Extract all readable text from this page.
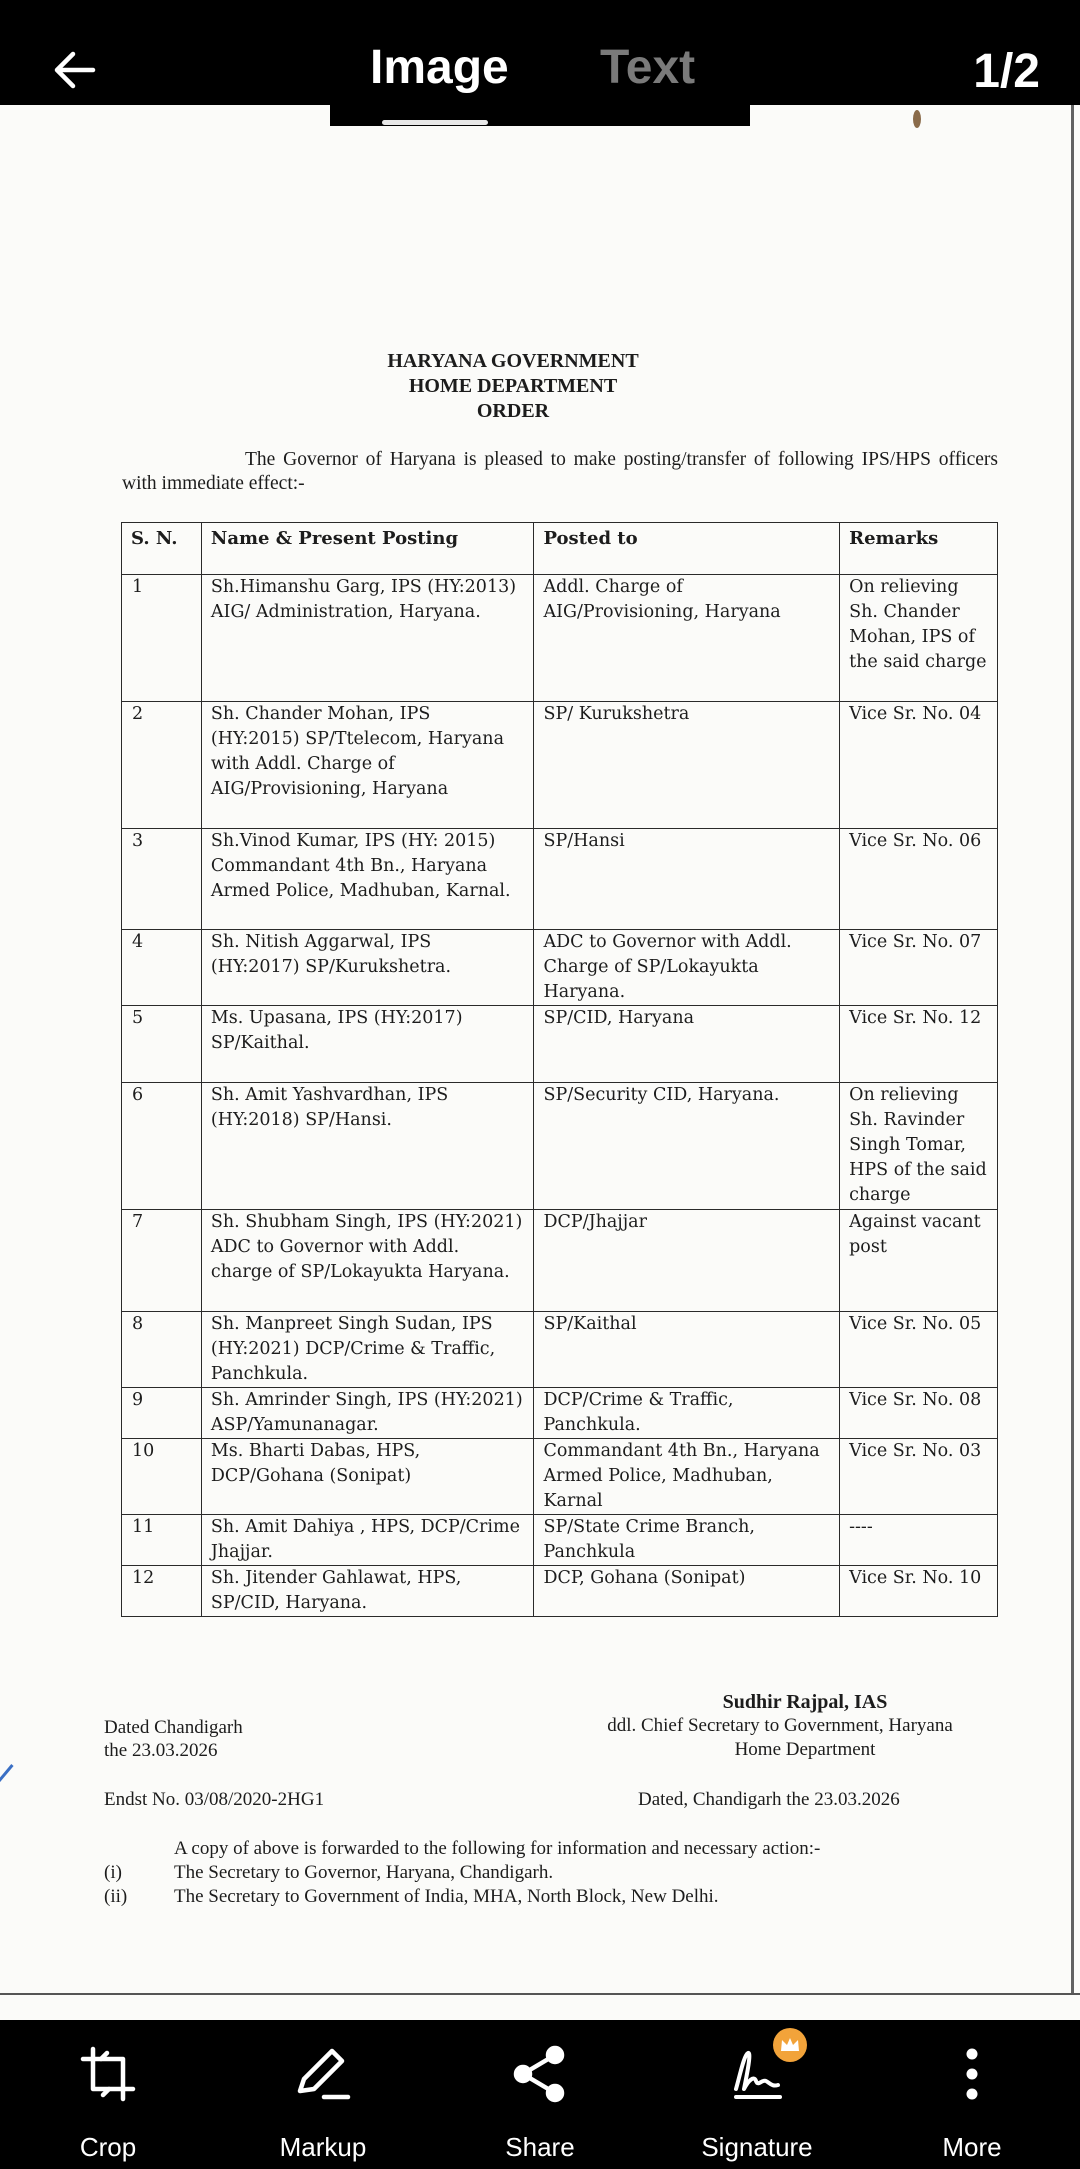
1/2
HARYANA GOVERNMENT
HOME DEPARTMENT
ORDER
The Governor of Haryana is pleased to make posting/transfer of following IPS/HPS officers with immediate effect:-
S. N.	Name & Present Posting	Posted to	Remarks
1	Sh.Himanshu Garg, IPS (HY:2013) AIG/ Administration, Haryana.	Addl. Charge of AIG/Provisioning, Haryana	On relieving Sh. Chander Mohan, IPS of the said charge
2	Sh. Chander Mohan, IPS (HY:2015) SP/Ttelecom, Haryana with Addl. Charge of AIG/Provisioning, Haryana	SP/ Kurukshetra	Vice Sr. No. 04
3	Sh.Vinod Kumar, IPS (HY: 2015) Commandant 4th Bn., Haryana Armed Police, Madhuban, Karnal.	SP/Hansi	Vice Sr. No. 06
4	Sh. Nitish Aggarwal, IPS (HY:2017) SP/Kurukshetra.	ADC to Governor with Addl. Charge of SP/Lokayukta Haryana.	Vice Sr. No. 07
5	Ms. Upasana, IPS (HY:2017) SP/Kaithal.	SP/CID, Haryana	Vice Sr. No. 12
6	Sh. Amit Yashvardhan, IPS (HY:2018) SP/Hansi.	SP/Security CID, Haryana.	On relieving Sh. Ravinder Singh Tomar, HPS of the said charge
7	Sh. Shubham Singh, IPS (HY:2021) ADC to Governor with Addl. charge of SP/Lokayukta Haryana.	DCP/Jhajjar	Against vacant post
8	Sh. Manpreet Singh Sudan, IPS (HY:2021) DCP/Crime & Traffic, Panchkula.	SP/Kaithal	Vice Sr. No. 05
9	Sh. Amrinder Singh, IPS (HY:2021) ASP/Yamunanagar.	DCP/Crime & Traffic, Panchkula.	Vice Sr. No. 08
10	Ms. Bharti Dabas, HPS, DCP/Gohana (Sonipat)	Commandant 4th Bn., Haryana Armed Police, Madhuban, Karnal	Vice Sr. No. 03
11	Sh. Amit Dahiya , HPS, DCP/Crime Jhajjar.	SP/State Crime Branch, Panchkula	----
12	Sh. Jitender Gahlawat, HPS, SP/CID, Haryana.	DCP, Gohana (Sonipat)	Vice Sr. No. 10
Sudhir Rajpal, IAS
ddl. Chief Secretary to Government, Haryana
Home Department
Dated Chandigarh
the 23.03.2026
Endst No. 03/08/2020-2HG1	Dated, Chandigarh the 23.03.2026
A copy of above is forwarded to the following for information and necessary action:-
(i)	The Secretary to Governor, Haryana, Chandigarh.
(ii) The Secretary to Government of India, MHA, North Block, New Delhi.
Image Text
Crop	Markup	Share	Signature	More
